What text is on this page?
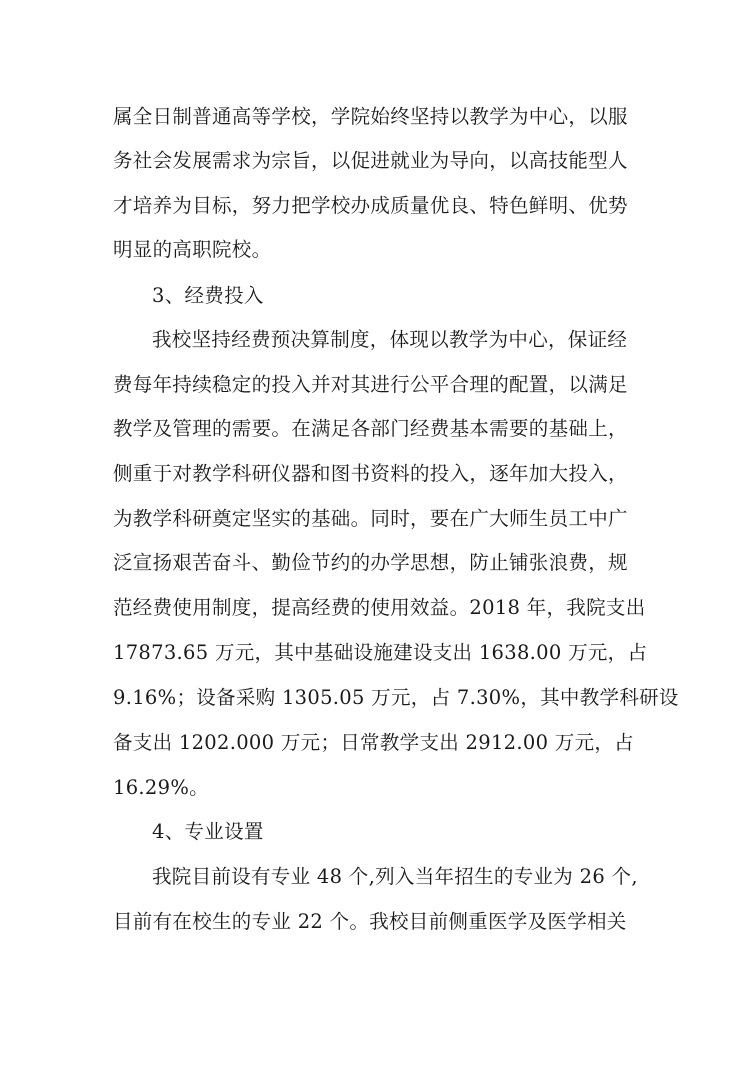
属全日制普通高等学校，学院始终坚持以教学为中心，以服
务社会发展需求为宗旨，以促进就业为导向，以高技能型人
才培养为目标，努力把学校办成质量优良、特色鲜明、优势
明显的高职院校。
3、经费投入
我校坚持经费预决算制度，体现以教学为中心，保证经
费每年持续稳定的投入并对其进行公平合理的配置，以满足
教学及管理的需要。在满足各部门经费基本需要的基础上，
侧重于对教学科研仪器和图书资料的投入，逐年加大投入，
为教学科研奠定坚实的基础。同时，要在广大师生员工中广
泛宣扬艰苦奋斗、勤俭节约的办学思想，防止铺张浪费，规
范经费使用制度，提高经费的使用效益。2018 年，我院支出
17873.65 万元，其中基础设施建设支出 1638.00 万元，占
9.16%；设备采购 1305.05 万元，占 7.30%，其中教学科研设
备支出 1202.000 万元；日常教学支出 2912.00 万元，占
16.29%。
4、专业设置
我院目前设有专业 48 个,列入当年招生的专业为 26 个,
目前有在校生的专业 22 个。我校目前侧重医学及医学相关
